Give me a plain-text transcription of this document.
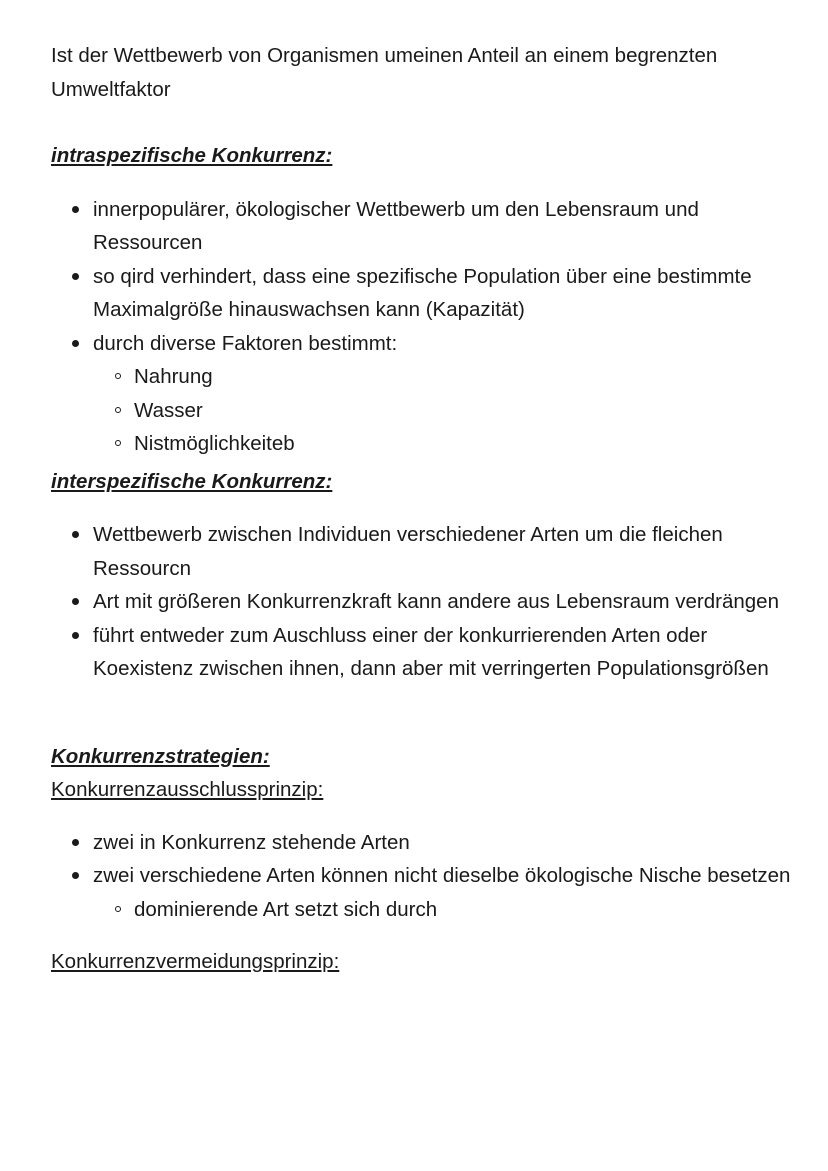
Ist der Wettbewerb von Organismen umeinen Anteil an einem begrenzten Umweltfaktor

intraspezifische Konkurrenz:
innerpopulärer, ökologischer Wettbewerb um den Lebensraum und Ressourcen
so qird verhindert, dass eine spezifische Population über eine bestimmte Maximalgröße hinauswachsen kann (Kapazität)
durch diverse Faktoren bestimmt:
Nahrung
Wasser
Nistmöglichkeiteb
interspezifische Konkurrenz:
Wettbewerb zwischen Individuen verschiedener Arten um die fleichen Ressourcn
Art mit größeren Konkurrenzkraft kann andere aus Lebensraum verdrängen
führt entweder zum Auschluss einer der konkurrierenden Arten oder Koexistenz zwischen ihnen, dann aber mit verringerten Populationsgrößen
Konkurrenzstrategien:

Konkurrenzausschlussprinzip:

zwei in Konkurrenz stehende Arten
zwei verschiedene Arten können nicht dieselbe ökologische Nische besetzen
dominierende Art setzt sich durch

Konkurrenzvermeidungsprinzip:
